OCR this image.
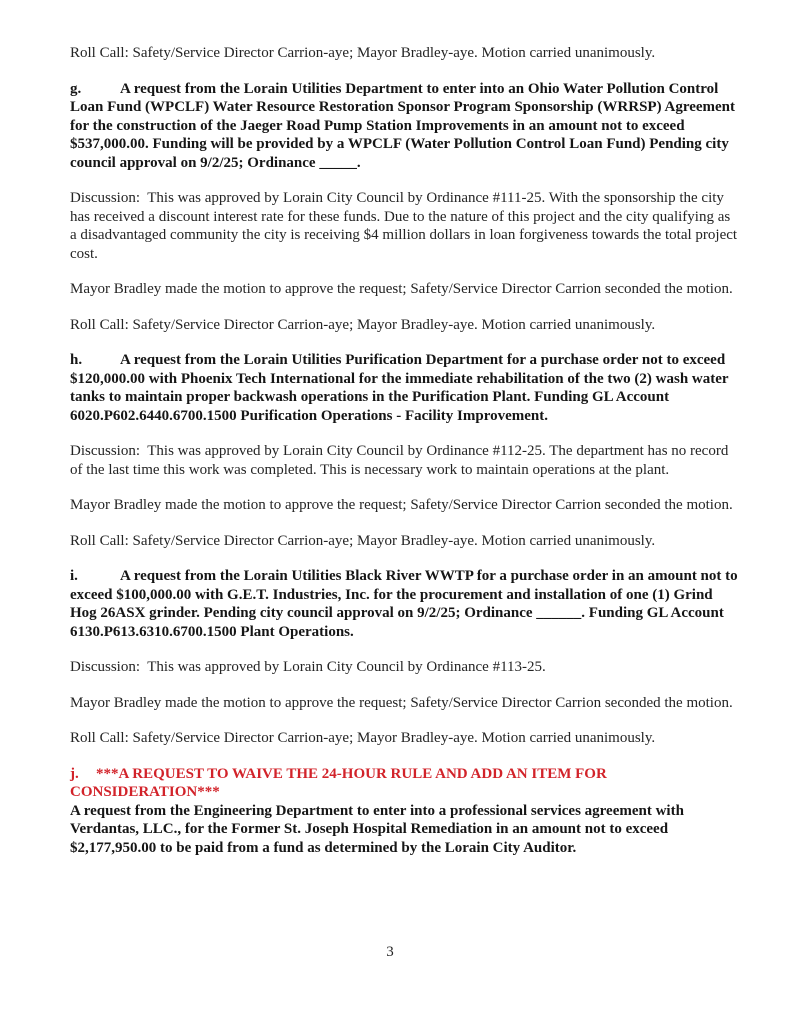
Roll Call: Safety/Service Director Carrion-aye; Mayor Bradley-aye. Motion carried unanimously.

g.	A request from the Lorain Utilities Department to enter into an Ohio Water Pollution Control Loan Fund (WPCLF) Water Resource Restoration Sponsor Program Sponsorship (WRRSP) Agreement for the construction of the Jaeger Road Pump Station Improvements in an amount not to exceed $537,000.00. Funding will be provided by a WPCLF (Water Pollution Control Loan Fund) Pending city council approval on 9/2/25; Ordinance _____.

Discussion:  This was approved by Lorain City Council by Ordinance #111-25. With the sponsorship the city has received a discount interest rate for these funds. Due to the nature of this project and the city qualifying as a disadvantaged community the city is receiving $4 million dollars in loan forgiveness towards the total project cost.

Mayor Bradley made the motion to approve the request; Safety/Service Director Carrion seconded the motion.

Roll Call: Safety/Service Director Carrion-aye; Mayor Bradley-aye. Motion carried unanimously.

h.	A request from the Lorain Utilities Purification Department for a purchase order not to exceed $120,000.00 with Phoenix Tech International for the immediate rehabilitation of the two (2) wash water tanks to maintain proper backwash operations in the Purification Plant. Funding GL Account 6020.P602.6440.6700.1500 Purification Operations - Facility Improvement.

Discussion:  This was approved by Lorain City Council by Ordinance #112-25. The department has no record of the last time this work was completed. This is necessary work to maintain operations at the plant.

Mayor Bradley made the motion to approve the request; Safety/Service Director Carrion seconded the motion.

Roll Call: Safety/Service Director Carrion-aye; Mayor Bradley-aye. Motion carried unanimously.

i.	A request from the Lorain Utilities Black River WWTP for a purchase order in an amount not to exceed $100,000.00 with G.E.T. Industries, Inc. for the procurement and installation of one (1) Grind Hog 26ASX grinder. Pending city council approval on 9/2/25; Ordinance ______. Funding GL Account 6130.P613.6310.6700.1500 Plant Operations.

Discussion:  This was approved by Lorain City Council by Ordinance #113-25.

Mayor Bradley made the motion to approve the request; Safety/Service Director Carrion seconded the motion.

Roll Call: Safety/Service Director Carrion-aye; Mayor Bradley-aye. Motion carried unanimously.

j. ***A REQUEST TO WAIVE THE 24-HOUR RULE AND ADD AN ITEM FOR CONSIDERATION***

A request from the Engineering Department to enter into a professional services agreement with Verdantas, LLC., for the Former St. Joseph Hospital Remediation in an amount not to exceed $2,177,950.00 to be paid from a fund as determined by the Lorain City Auditor.

3
